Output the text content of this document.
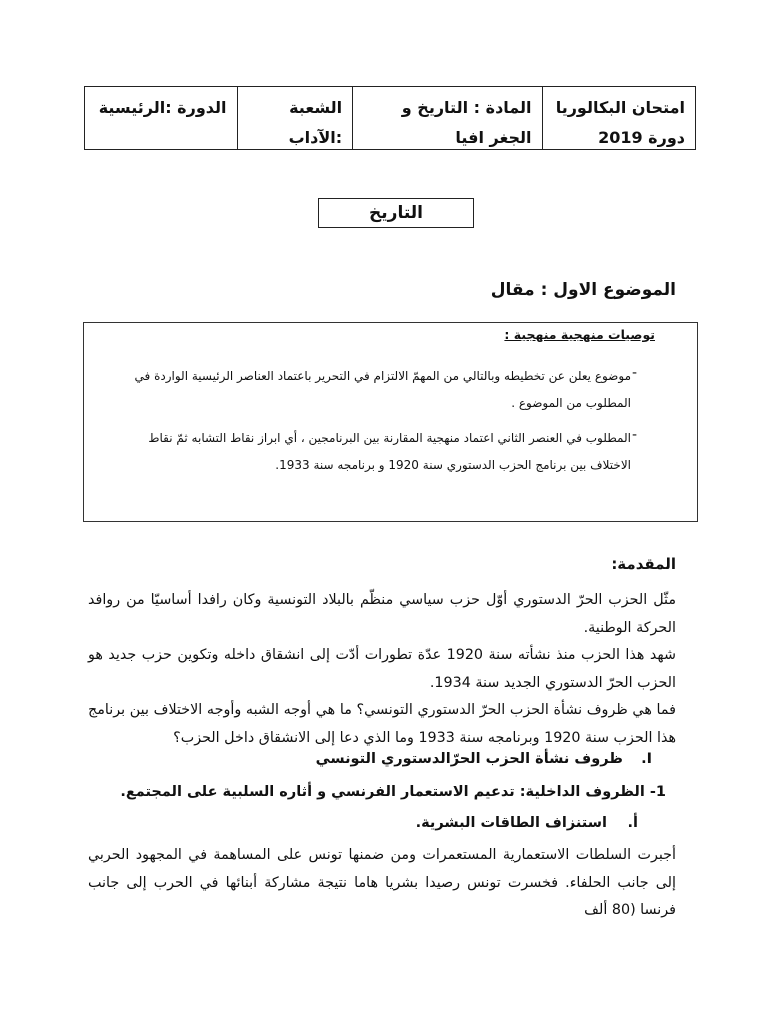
امتحان البكالوريا
دورة 2019
المادة : التاريخ و الجغر افيا
الشعبة :الآداب
الدورة :الرئيسية
التاريخ
الموضوع الاول : مقال
توصيات منهجية منهجية :
-
موضوع يعلن عن تخطيطه وبالتالي من المهمّ الالتزام في التحرير باعتماد العناصر الرئيسية الواردة في المطلوب من الموضوع .
-
المطلوب في العنصر الثاني اعتماد منهجية المقارنة بين البرنامجين ، أي ابراز نقاط التشابه ثمّ نقاط الاختلاف بين برنامج الحزب الدستوري سنة 1920 و برنامجه سنة 1933.
المقدمة:
مثّل الحزب الحرّ الدستوري أوّل حزب سياسي منظّم بالبلاد التونسية وكان رافدا أساسيّا من روافد الحركة الوطنية.
شهد هذا الحزب منذ نشأته سنة 1920 عدّة تطورات أدّت إلى انشقاق داخله وتكوين حزب جديد هو الحزب الحرّ الدستوري الجديد سنة 1934.
فما هي ظروف نشأة الحزب الحرّ الدستوري التونسي؟ ما هي أوجه الشبه وأوجه الاختلاف بين برنامج هذا الحزب سنة 1920 وبرنامجه سنة 1933 وما الذي دعا إلى الانشقاق داخل الحزب؟
I. ظروف نشأة الحزب الحرّالدستوري التونسي
1- الظروف الداخلية: تدعيم الاستعمار الفرنسي و أثاره السلبية على المجتمع.
أ. استنزاف الطاقات البشرية.
أجبرت السلطات الاستعمارية المستعمرات ومن ضمنها تونس على المساهمة في المجهود الحربي إلى جانب الحلفاء. فخسرت تونس رصيدا بشريا هاما نتيجة مشاركة أبنائها في الحرب إلى جانب فرنسا (80 ألف
